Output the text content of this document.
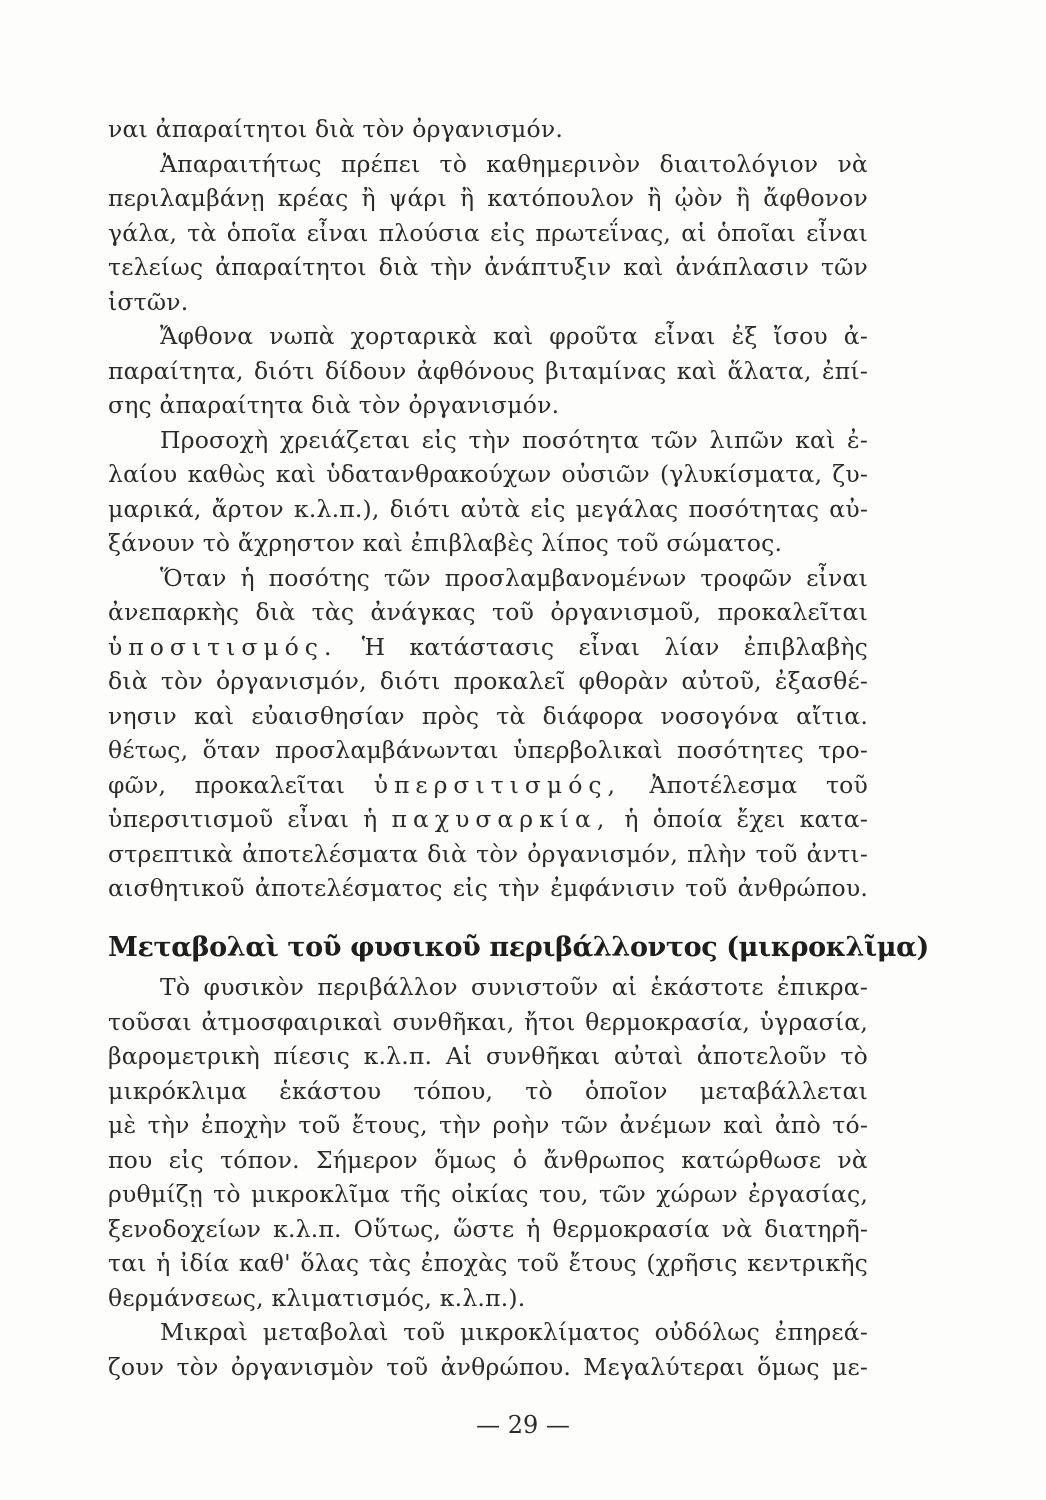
ναι ἀπαραίτητοι διὰ τὸν ὀργανισμόν.
Ἀπαραιτήτως πρέπει τὸ καθημερινὸν διαιτολόγιον νὰ
περιλαμβάνῃ κρέας ἢ ψάρι ἢ κατόπουλον ἢ ᾠὸν ἢ ἄφθονον
γάλα, τὰ ὁποῖα εἶναι πλούσια εἰς πρωτεΐνας, αἱ ὁποῖαι εἶναι
τελείως ἀπαραίτητοι διὰ τὴν ἀνάπτυξιν καὶ ἀνάπλασιν τῶν
ἱστῶν.
Ἄφθονα νωπὰ χορταρικὰ καὶ φροῦτα εἶναι ἐξ ἴσου ἀ-
παραίτητα, διότι δίδουν ἀφθόνους βιταμίνας καὶ ἅλατα, ἐπί-
σης ἀπαραίτητα διὰ τὸν ὀργανισμόν.
Προσοχὴ χρειάζεται εἰς τὴν ποσότητα τῶν λιπῶν καὶ ἐ-
λαίου καθὼς καὶ ὑδατανθρακούχων οὐσιῶν (γλυκίσματα, ζυ-
μαρικά, ἄρτον κ.λ.π.), διότι αὐτὰ εἰς μεγάλας ποσότητας αὐ-
ξάνουν τὸ ἄχρηστον καὶ ἐπιβλαβὲς λίπος τοῦ σώματος.
Ὅταν ἡ ποσότης τῶν προσλαμβανομένων τροφῶν εἶναι
ἀνεπαρκὴς διὰ τὰς ἀνάγκας τοῦ ὀργανισμοῦ, προκαλεῖται
ὑποσιτισμός. Ἡ κατάστασις εἶναι λίαν ἐπιβλαβὴς
διὰ τὸν ὀργανισμόν, διότι προκαλεῖ φθορὰν αὐτοῦ, ἐξασθέ-
νησιν καὶ εὐαισθησίαν πρὸς τὰ διάφορα νοσογόνα αἴτια.
θέτως, ὅταν προσλαμβάνωνται ὑπερβολικαὶ ποσότητες τρο-
φῶν, προκαλεῖται ὑπερσιτισμός, Ἀποτέλεσμα τοῦ
ὑπερσιτισμοῦ εἶναι ἡ παχυσαρκία, ἡ ὁποία ἔχει κατα-
στρεπτικὰ ἀποτελέσματα διὰ τὸν ὀργανισμόν, πλὴν τοῦ ἀντι-
αισθητικοῦ ἀποτελέσματος εἰς τὴν ἐμφάνισιν τοῦ ἀνθρώπου.
Μεταβολαὶ τοῦ φυσικοῦ περιβάλλοντος (μικροκλῖμα)
Τὸ φυσικὸν περιβάλλον συνιστοῦν αἱ ἑκάστοτε ἐπικρα-
τοῦσαι ἀτμοσφαιρικαὶ συνθῆκαι, ἤτοι θερμοκρασία, ὑγρασία,
βαρομετρικὴ πίεσις κ.λ.π. Αἱ συνθῆκαι αὐταὶ ἀποτελοῦν τὸ
μικρόκλιμα ἑκάστου τόπου, τὸ ὁποῖον μεταβάλλεται
μὲ τὴν ἐποχὴν τοῦ ἔτους, τὴν ροὴν τῶν ἀνέμων καὶ ἀπὸ τό-
που εἰς τόπον. Σήμερον ὅμως ὁ ἄνθρωπος κατώρθωσε νὰ
ρυθμίζῃ τὸ μικροκλῖμα τῆς οἰκίας του, τῶν χώρων ἐργασίας,
ξενοδοχείων κ.λ.π. Οὕτως, ὥστε ἡ θερμοκρασία νὰ διατηρῆ-
ται ἡ ἰδία καθ' ὅλας τὰς ἐποχὰς τοῦ ἔτους (χρῆσις κεντρικῆς
θερμάνσεως, κλιματισμός, κ.λ.π.).
Μικραὶ μεταβολαὶ τοῦ μικροκλίματος οὐδόλως ἐπηρεά-
ζουν τὸν ὀργανισμὸν τοῦ ἀνθρώπου. Μεγαλύτεραι ὅμως με-
— 29 —
